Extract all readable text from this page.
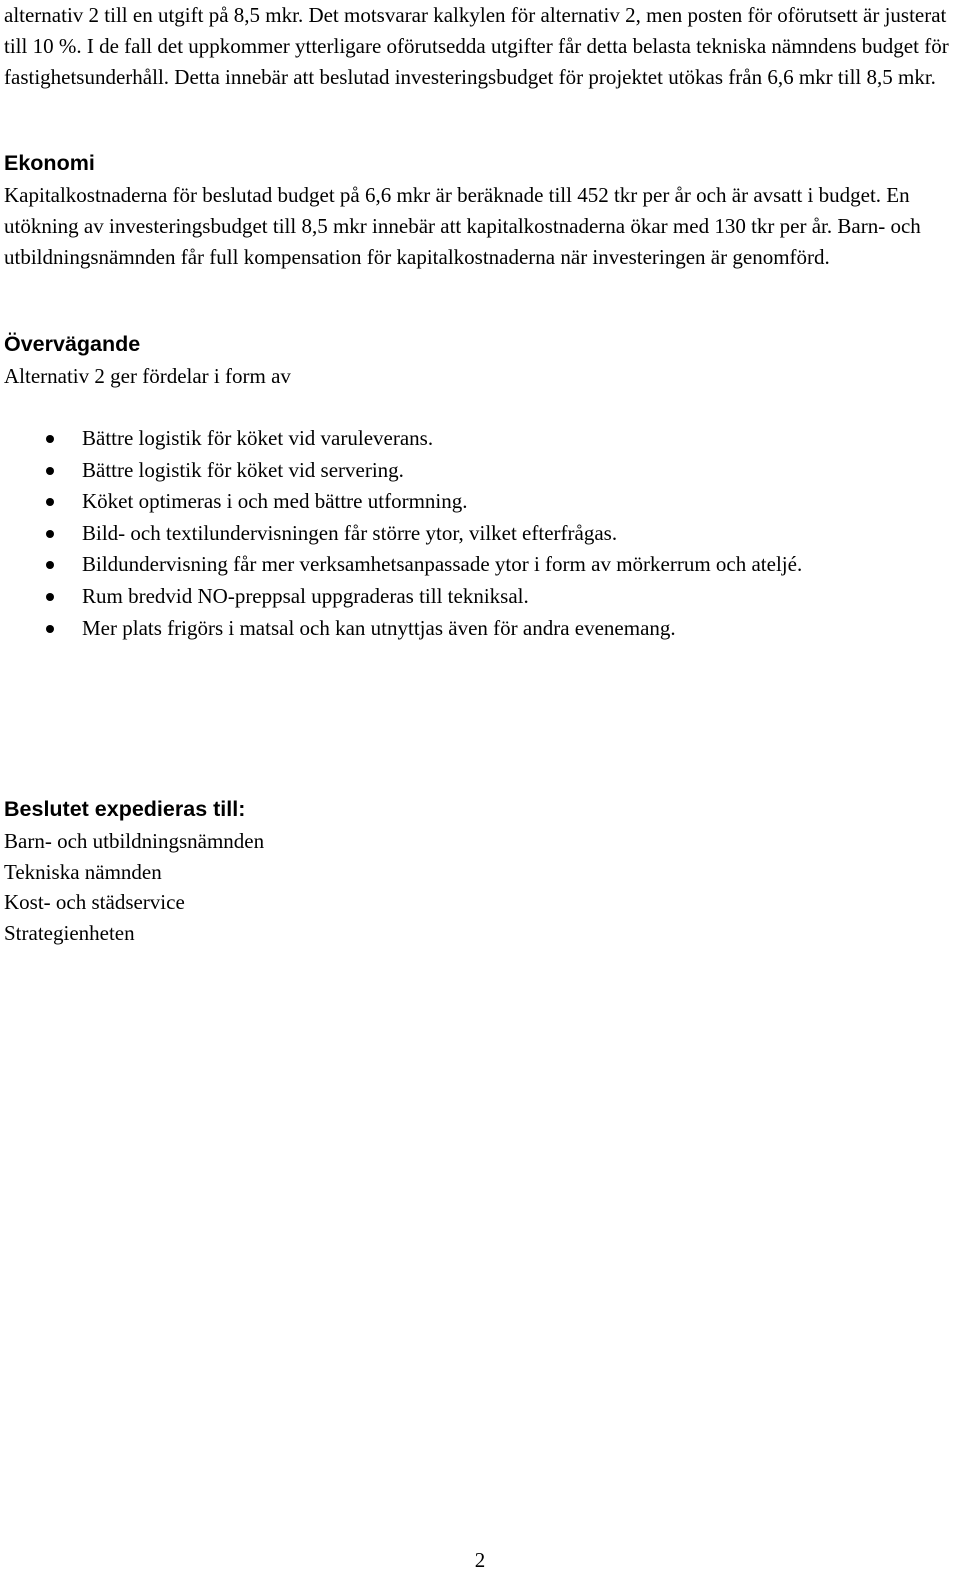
alternativ 2 till en utgift på 8,5 mkr. Det motsvarar kalkylen för alternativ 2, men posten för oförutsett är justerat till 10 %. I de fall det uppkommer ytterligare oförutsedda utgifter får detta belasta tekniska nämndens budget för fastighetsunderhåll. Detta innebär att beslutad investeringsbudget för projektet utökas från 6,6 mkr till 8,5 mkr.

Ekonomi

Kapitalkostnaderna för beslutad budget på 6,6 mkr är beräknade till 452 tkr per år och är avsatt i budget. En utökning av investeringsbudget till 8,5 mkr innebär att kapitalkostnaderna ökar med 130 tkr per år. Barn- och utbildningsnämnden får full kompensation för kapitalkostnaderna när investeringen är genomförd.

Övervägande

Alternativ 2 ger fördelar i form av

Bättre logistik för köket vid varuleverans.
Bättre logistik för köket vid servering.
Köket optimeras i och med bättre utformning.
Bild- och textilundervisningen får större ytor, vilket efterfrågas.
Bildundervisning får mer verksamhetsanpassade ytor i form av mörkerrum och ateljé.
Rum bredvid NO-preppsal uppgraderas till tekniksal.
Mer plats frigörs i matsal och kan utnyttjas även för andra evenemang.
Beslutet expedieras till:
Barn- och utbildningsnämnden
Tekniska nämnden
Kost- och städservice
Strategienheten
2
